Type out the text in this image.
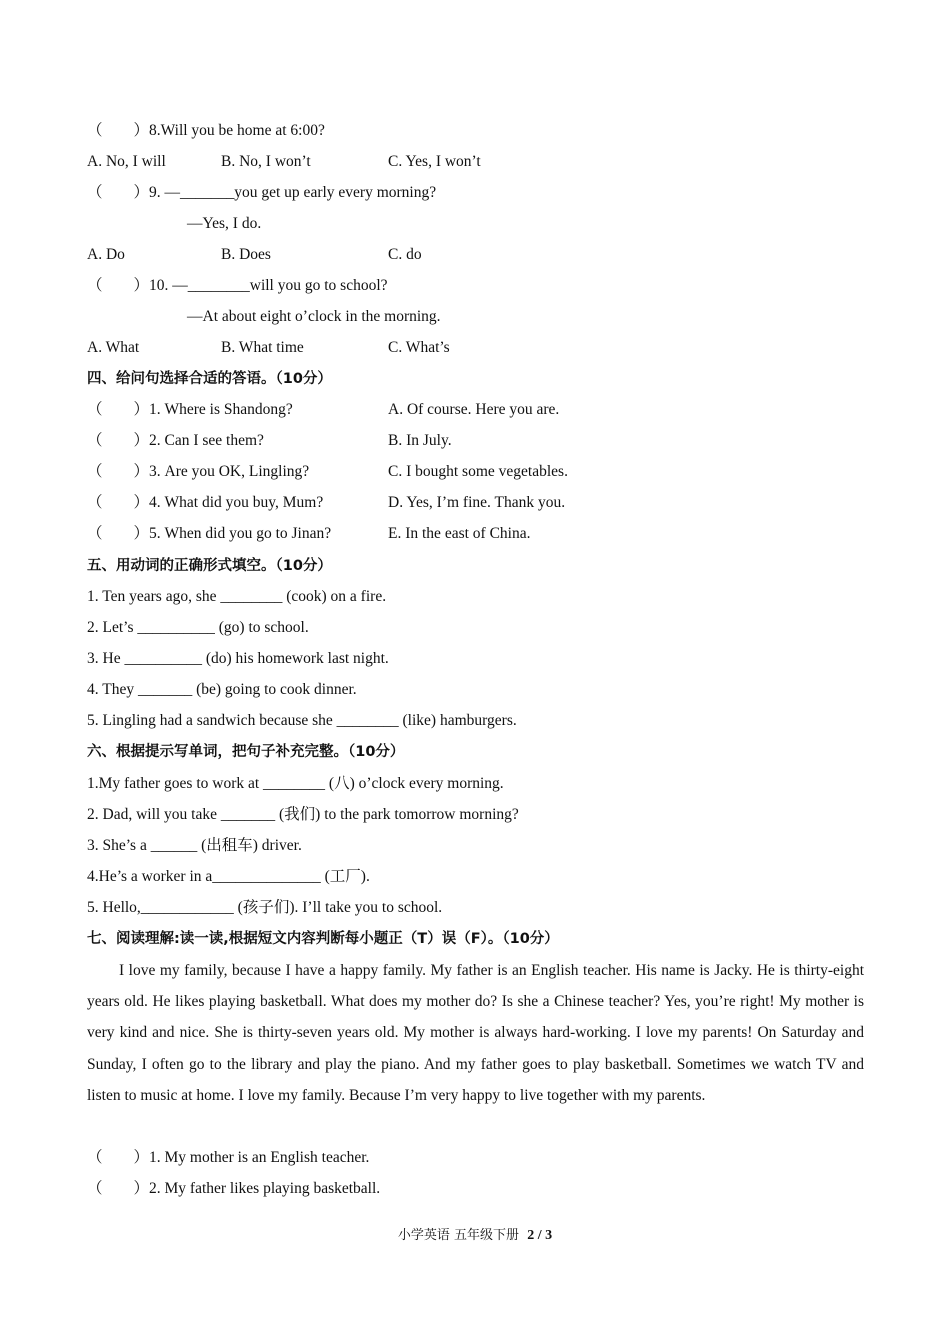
（　　）8.Will you be home at 6:00?
A. No, I will	B. No, I won’t	C. Yes, I won’t
（　　）9. —_______you get up early every morning?
—Yes, I do.
A. Do	B. Does	C. do
（　　）10. —________will you go to school?
—At about eight o’clock in the morning.
A. What	B. What time	C. What’s
四、给问句选择合适的答语。（10分）
（　　）1. Where is Shandong?	A. Of course. Here you are.
（　　）2. Can I see them?	B. In July.
（　　）3. Are you OK, Lingling?	C. I bought some vegetables.
（　　）4. What did you buy, Mum?	D. Yes, I’m fine. Thank you.
（　　）5. When did you go to Jinan?	E. In the east of China.
五、用动词的正确形式填空。（10分）
1. Ten years ago, she ________ (cook) on a fire.
2. Let’s __________ (go) to school.
3. He __________ (do) his homework last night.
4. They _______ (be) going to cook dinner.
5. Lingling had a sandwich because she ________ (like) hamburgers.
六、根据提示写单词，把句子补充完整。（10分）
1.My father goes to work at ________ (八) o’clock every morning.
2. Dad, will you take _______ (我们) to the park tomorrow morning?
3. She’s a ______ (出租车) driver.
4.He’s a worker in a______________ (工厂).
5. Hello,____________ (孩子们). I’ll take you to school.
七、阅读理解:读一读,根据短文内容判断每小题正（T）误（F）。（10分）

I love my family, because I have a happy family. My father is an English teacher. His name is Jacky. He is thirty-eight years old. He likes playing basketball. What does my mother do? Is she a Chinese teacher? Yes, you’re right! My mother is very kind and nice. She is thirty-seven years old. My mother is always hard-working. I love my parents! On Saturday and Sunday, I often go to the library and play the piano. And my father goes to play basketball. Sometimes we watch TV and listen to music at home. I love my family. Because I’m very happy to live together with my parents.

（　　）1. My mother is an English teacher.
（　　）2. My father likes playing basketball.
小学英语 五年级下册 2 / 3
